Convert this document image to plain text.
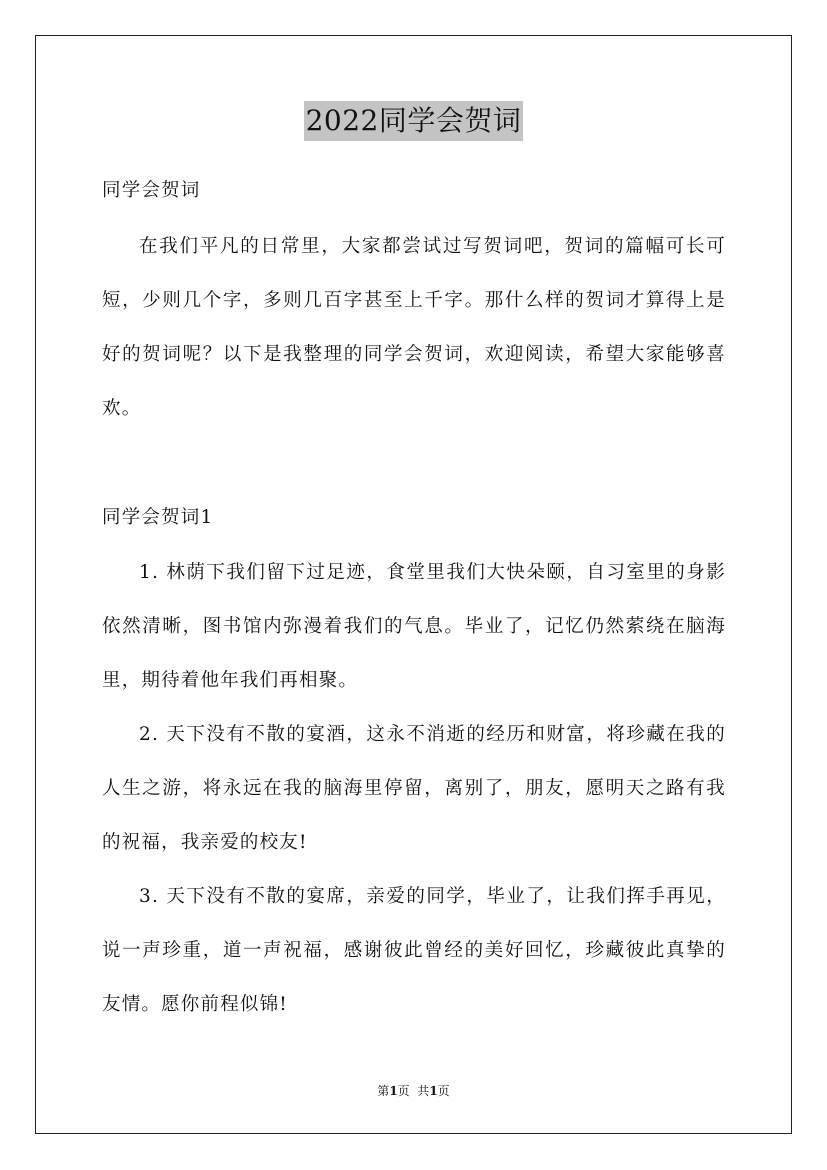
2022同学会贺词
同学会贺词
在我们平凡的日常里，大家都尝试过写贺词吧，贺词的篇幅可长可短，少则几个字，多则几百字甚至上千字。那什么样的贺词才算得上是好的贺词呢？以下是我整理的同学会贺词，欢迎阅读，希望大家能够喜欢。
同学会贺词1
1. 林荫下我们留下过足迹，食堂里我们大快朵颐，自习室里的身影依然清晰，图书馆内弥漫着我们的气息。毕业了，记忆仍然萦绕在脑海里，期待着他年我们再相聚。
2. 天下没有不散的宴酒，这永不消逝的经历和财富，将珍藏在我的人生之游，将永远在我的脑海里停留，离别了，朋友，愿明天之路有我的祝福，我亲爱的校友!
3. 天下没有不散的宴席，亲爱的同学，毕业了，让我们挥手再见，说一声珍重，道一声祝福，感谢彼此曾经的美好回忆，珍藏彼此真挚的友情。愿你前程似锦!
第1页  共1页
